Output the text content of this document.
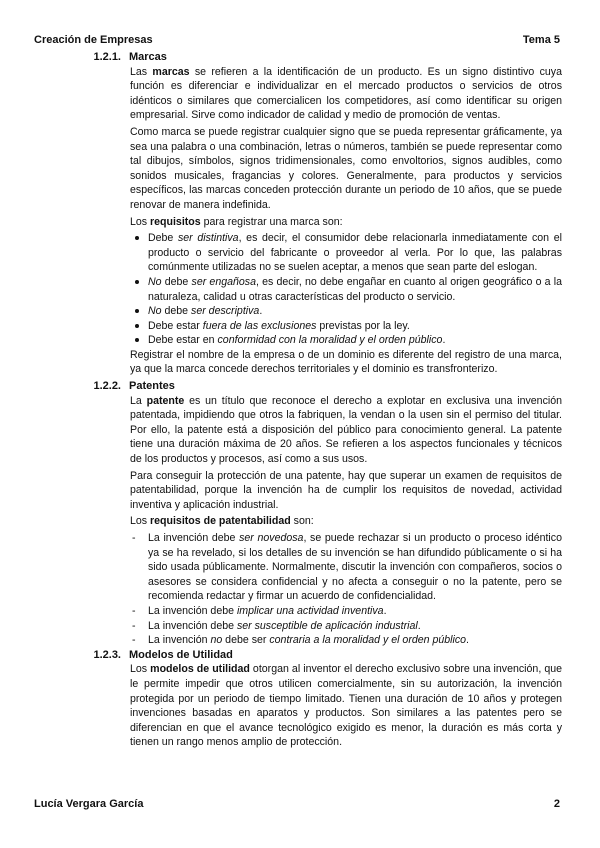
Creación de Empresas	Tema 5
1.2.1. Marcas

Las marcas se refieren a la identificación de un producto. Es un signo distintivo cuya función es diferenciar e individualizar en el mercado productos o servicios de otros idénticos o similares que comercialicen los competidores, así como identificar su origen empresarial. Sirve como indicador de calidad y medio de promoción de ventas.

Como marca se puede registrar cualquier signo que se pueda representar gráficamente, ya sea una palabra o una combinación, letras o números, también se puede representar como tal dibujos, símbolos, signos tridimensionales, como envoltorios, signos audibles, como sonidos musicales, fragancias y colores. Generalmente, para productos y servicios específicos, las marcas conceden protección durante un periodo de 10 años, que se puede renovar de manera indefinida.

Los requisitos para registrar una marca son:

Debe ser distintiva, es decir, el consumidor debe relacionarla inmediatamente con el producto o servicio del fabricante o proveedor al verla. Por lo que, las palabras comúnmente utilizadas no se suelen aceptar, a menos que sean parte del eslogan.
No debe ser engañosa, es decir, no debe engañar en cuanto al origen geográfico o a la naturaleza, calidad u otras características del producto o servicio.
No debe ser descriptiva.
Debe estar fuera de las exclusiones previstas por la ley.
Debe estar en conformidad con la moralidad y el orden público.

Registrar el nombre de la empresa o de un dominio es diferente del registro de una marca, ya que la marca concede derechos territoriales y el dominio es transfronterizo.

1.2.2. Patentes

La patente es un título que reconoce el derecho a explotar en exclusiva una invención patentada, impidiendo que otros la fabriquen, la vendan o la usen sin el permiso del titular. Por ello, la patente está a disposición del público para conocimiento general. La patente tiene una duración máxima de 20 años. Se refieren a los aspectos funcionales y técnicos de los productos y procesos, así como a sus usos.

Para conseguir la protección de una patente, hay que superar un examen de requisitos de patentabilidad, porque la invención ha de cumplir los requisitos de novedad, actividad inventiva y aplicación industrial.

Los requisitos de patentabilidad son:

- La invención debe ser novedosa, se puede rechazar si un producto o proceso idéntico ya se ha revelado, si los detalles de su invención se han difundido públicamente o si ha sido usada públicamente. Normalmente, discutir la invención con compañeros, socios o asesores se considera confidencial y no afecta a conseguir o no la patente, pero se recomienda redactar y firmar un acuerdo de confidencialidad.
- La invención debe implicar una actividad inventiva.
- La invención debe ser susceptible de aplicación industrial.
- La invención no debe ser contraria a la moralidad y el orden público.
1.2.3. Modelos de Utilidad

Los modelos de utilidad otorgan al inventor el derecho exclusivo sobre una invención, que le permite impedir que otros utilicen comercialmente, sin su autorización, la invención protegida por un periodo de tiempo limitado. Tienen una duración de 10 años y protegen invenciones basadas en aparatos y productos. Son similares a las patentes pero se diferencian en que el avance tecnológico exigido es menor, la duración es más corta y tienen un rango menos amplio de protección.

Lucía Vergara García	2
